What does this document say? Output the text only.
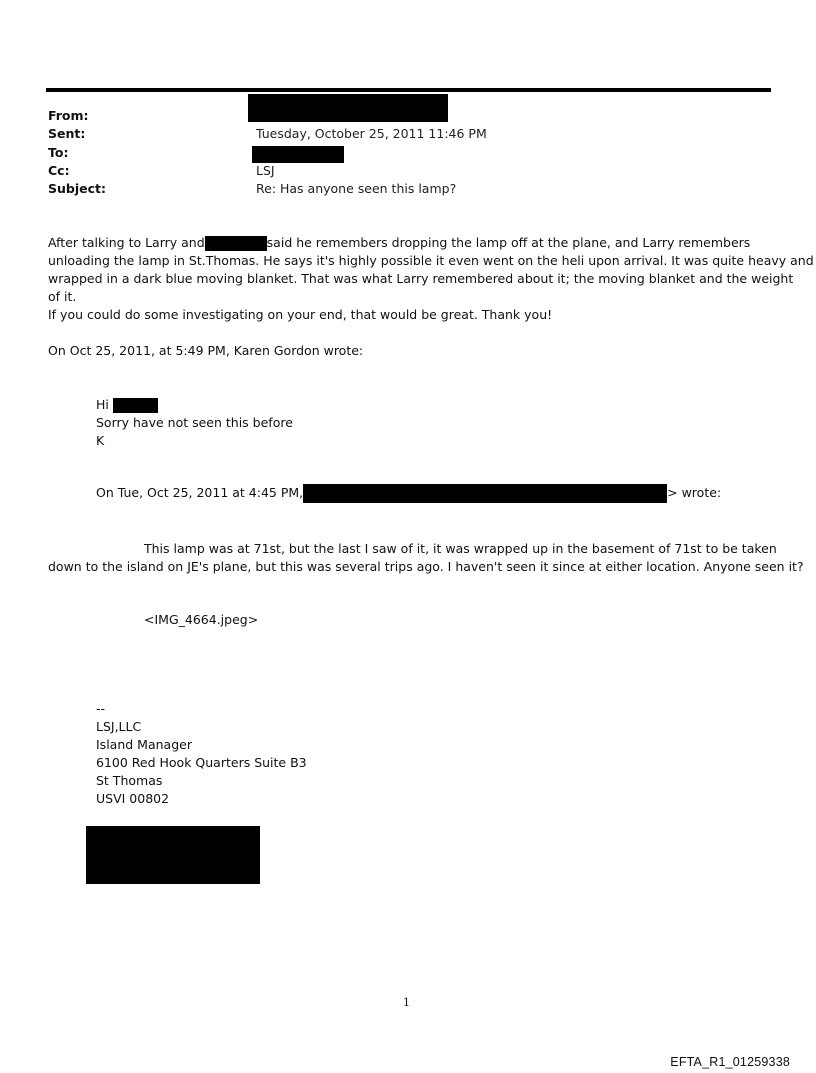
From:
Sent:	Tuesday, October 25, 2011 11:46 PM
To:
Cc:	LSJ
Subject:	Re: Has anyone seen this lamp?
After talking to Larry and	said he remembers dropping the lamp off at the plane, and Larry remembers
unloading the lamp in St.Thomas. He says it's highly possible it even went on the heli upon arrival. It was quite heavy and
wrapped in a dark blue moving blanket. That was what Larry remembered about it; the moving blanket and the weight
of it.
If you could do some investigating on your end, that would be great. Thank you!
On Oct 25, 2011, at 5:49 PM, Karen Gordon wrote:
Hi
Sorry have not seen this before
K
On Tue, Oct 25, 2011 at 4:45 PM,	> wrote:
This lamp was at 71st, but the last I saw of it, it was wrapped up in the basement of 71st to be taken
down to the island on JE's plane, but this was several trips ago. I haven't seen it since at either location. Anyone seen it?
<IMG_4664.jpeg>
--
LSJ,LLC
Island Manager
6100 Red Hook Quarters Suite B3
St Thomas
USVI 00802
1
EFTA_R1_01259338
